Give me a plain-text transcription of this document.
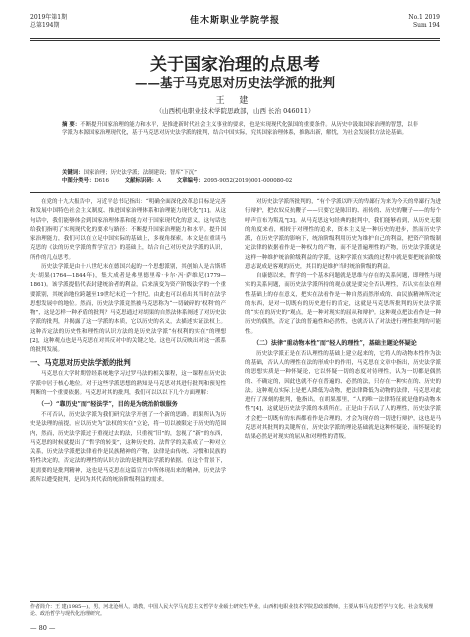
2019年第1期
总第194期	佳木斯职业学院学报	No.1 2019
Sum 194
关于国家治理的点思考
——基于马克思对历史法学派的批判
王 建
（山西机电职业技术学院思政部，山西 长治 046011）
摘 要：不断提升国家治理的能力和水平，是推进新时代社会主义事业的要求，也是实现现代化强国的重要条件。从历史中汲取国家治理的智慧，以非学派为本源国家治理现代化，基于马克思对历史法学派的批判，结合中国实际，究其国家治理体系，推陈出新，解忧，为社会发展供方法论基础。
关键词：国家治理；历史法学派；法制建设；智库“下沉”
中图分类号：D616	文献标识码：A	文章编号：2095-9052(2019)001-000080-02

在党的十九大报告中，习近平总书记指出：“明确全面深化改革总目标是完善和发展中国特色社会主义制度、推进国家治理体系和治理能力现代化”[1]。从这句话中，我们能够体会到国家治理体系和能力对于国家现代化的意义，这句话也给我们指明了实现现代化的要求与路径：不断提升国家治理能力和水平。提升国家治理能力，我们可以在立足中国实际的基础上，多视角探索。本文是在重读马克思的《法的历史学派的哲学宣言》的基础上，结合自己对历史法学派的认识，所作的几点思考。

历史法学派是由十八世纪末在德国兴起的一个思想派别，其创始人是古斯塔夫·胡果(1764—1844年)，集大成者是弗里德里希·卡尔·冯·萨维尼(1779—1861)。该学派提倡代表封建统治者的利益，后来演变为资产阶级法学的一个重要派别，其统治地位跨越至19世纪末近一个世纪。由此也可以看出其当时在法学思想发展中的地位。然而，历史法学派竟然被马克思称为“一切破碎的‘权利’的产物”，这是怎样一种矛盾的批判？马克思通过对胡果的自然法体系阐述了对历史法学派的批判，并揭露了这一学派的本质，它以历史的名义，去描述实证法权上。这种否定法的历史性和理性的认识方法的是历史法学派“有权利的实在”的理想[2]，这种观点也是马克思在对其反对中的关键之处，这也可以反映出对这一派系的批判发展。

一、马克思对历史法学派的批判

马克思在大学时期曾经系统地学习过罗马法的相关课程，这一课程在历史法学派中居于核心地位。对于这些学派思想的熟知是马克思对其进行批判和预见性判断的一个重要依据。马克思对其的批判，我们可以以以下几个方面理解：

（一）“靠历史”而“轻法学”，目的是为统治阶级服务

不可否认，历史法学派为我们研究法学开创了一个新的思路。胡果所认为历史是法理的前提，应以历史为“法权的实在”立论，将一切以被限定于历史的范围内，然而，历史法学派过于重视过去的法，只重视“旧”的，忽视了“新”的东西，马克思的时候就提出了“哲学的转变”，这种历史的、法哲学的关系成了一种对立关系，历史法学派把法律看作是民族精神的产物，法律是由传统、习惯和民族的特性决定的，否定法的理性的认识方法的是批判法学派的依据。在这个背景下，更需要的是批判精神，这也是马克思在这篇宣言中所体现出来的精神，历史法学派所以遭受批判，是因为其代表的统治阶级利益的需求。

对历史法学派所批判的，“有个学派以昨天的卑鄙行为来为今天的卑鄙行为进行辩护，把农奴反抗鞭子——只要它是陈旧的、祖传的、历史的鞭子——的每个呼声宣布为叛乱”[3]。从马克思这句经典的批判中，我们能够看到，从历史无限的角度来看，相较于对理性的追求，资本主义是一种历史的进步，然而历史学派，在历史学派的影响下，统治阶级利用历史为维护自己的利益，把资产阶级制定法律的依据看作是一种权力的产物，而不是普遍理性的产物，历史法学派就是这样一种维护统治阶级利益的学派，这种学派在实践的过程中就是要把统治阶级意志说成是客观的历史，其目的是维护当时统治阶级的利益。

自康德以来，哲学的一个基本问题就是思维与存在的关系问题，即理性与现实的关系问题，而历史法学派所持的观点就是要完全否认理性，否认实在法在理性基础上的存在意义，把实在法看作是一种自然而然形成的、由民族精神所决定的东西，是对一切既有的历史进行的肯定，这就是马克思所批判的历史法学派的“实在的历史的”观点，是一种对现实的屈从和辩护。这种观点把法看作是一种历史的偶然，否定了法的普遍性和必然性，也就否认了对法进行理性批判的可能性。

（二）法律“重动物本性”而“轻人的理性”，基础主题论怀疑论

历史法学派正是在否认理性的基础上建立起来的，它将人的动物本性作为法的基础，否认人的理性在法的形成中的作用，马克思在文章中指出，历史法学派的思想实质是一种怀疑论，它以怀疑一切的态度对待理性，认为一切都是偶然的、不确定的，因此也就不存在普遍的、必然的法，只存在一种实在的、历史的法。这种观点实际上是把人降低为动物，把法律降低为动物的法律，马克思对此进行了深刻的批判，他指出，在胡果那里，“人的唯一法律特征就是他的动物本性”[4]，这就是历史法学派的本质所在。正是由于否认了人的理性，历史法学派才会把一切既有的东西都看作是合理的，才会为现存的一切进行辩护，这也是马克思对其批判的关键所在，历史法学派的理论基础就是这种怀疑论，而怀疑论的结果必然是对现实的屈从和对理性的背叛。

作者简介：王 建(1985—)，男，河北沧州人，助教，中国人民大学马克思主义哲学专业硕士研究生毕业，山西机电职业技术学院思政部教师，主要从事马克思哲学与文化、社会发展理论、政治哲学与现代化治理研究。
— 80 —
